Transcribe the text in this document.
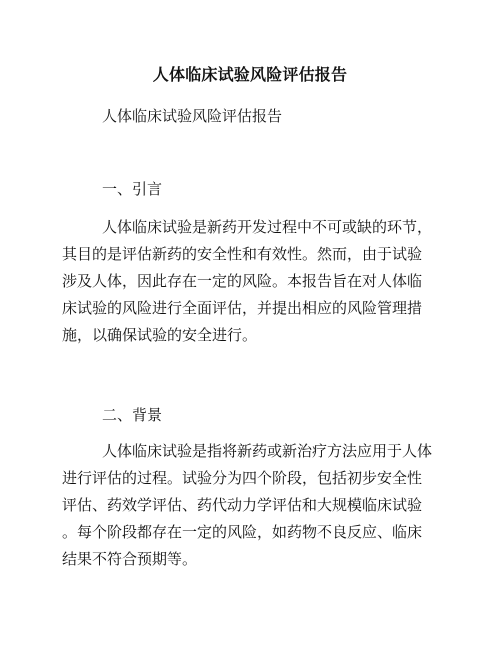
人体临床试验风险评估报告
人体临床试验风险评估报告
一、引言
人体临床试验是新药开发过程中不可或缺的环节，
其目的是评估新药的安全性和有效性。然而，由于试验
涉及人体，因此存在一定的风险。本报告旨在对人体临
床试验的风险进行全面评估，并提出相应的风险管理措
施，以确保试验的安全进行。
二、背景
人体临床试验是指将新药或新治疗方法应用于人体
进行评估的过程。试验分为四个阶段，包括初步安全性
评估、药效学评估、药代动力学评估和大规模临床试验
。每个阶段都存在一定的风险，如药物不良反应、临床
结果不符合预期等。
